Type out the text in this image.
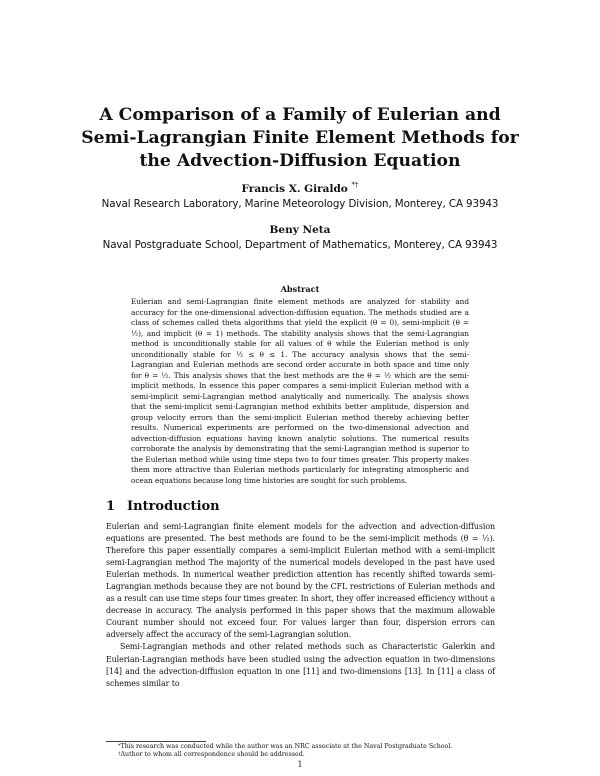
A Comparison of a Family of Eulerian and Semi-Lagrangian Finite Element Methods for the Advection-Diffusion Equation
Francis X. Giraldo *†
Naval Research Laboratory, Marine Meteorology Division, Monterey, CA 93943
Beny Neta
Naval Postgraduate School, Department of Mathematics, Monterey, CA 93943
Abstract
Eulerian and semi-Lagrangian finite element methods are analyzed for stability and accuracy for the one-dimensional advection-diffusion equation. The methods studied are a class of schemes called theta algorithms that yield the explicit (θ = 0), semi-implicit (θ = ½), and implicit (θ = 1) methods. The stability analysis shows that the semi-Lagrangian method is unconditionally stable for all values of θ while the Eulerian method is only unconditionally stable for ½ ≤ θ ≤ 1. The accuracy analysis shows that the semi-Lagrangian and Eulerian methods are second order accurate in both space and time only for θ = ½. This analysis shows that the best methods are the θ = ½ which are the semi-implicit methods. In essence this paper compares a semi-implicit Eulerian method with a semi-implicit semi-Lagrangian method analytically and numerically. The analysis shows that the semi-implicit semi-Lagrangian method exhibits better amplitude, dispersion and group velocity errors than the semi-implicit Eulerian method thereby achieving better results. Numerical experiments are performed on the two-dimensional advection and advection-diffusion equations having known analytic solutions. The numerical results corroborate the analysis by demonstrating that the semi-Lagrangian method is superior to the Eulerian method while using time steps two to four times greater. This property makes them more attractive than Eulerian methods particularly for integrating atmospheric and ocean equations because long time histories are sought for such problems.
1 Introduction

Eulerian and semi-Lagrangian finite element models for the advection and advection-diffusion equations are presented. The best methods are found to be the semi-implicit methods (θ = ½). Therefore this paper essentially compares a semi-implicit Eulerian method with a semi-implicit semi-Lagrangian method The majority of the numerical models developed in the past have used Eulerian methods. In numerical weather prediction attention has recently shifted towards semi-Lagrangian methods because they are not bound by the CFL restrictions of Eulerian methods and as a result can use time steps four times greater. In short, they offer increased efficiency without a decrease in accuracy. The analysis performed in this paper shows that the maximum allowable Courant number should not exceed four. For values larger than four, dispersion errors can adversely affect the accuracy of the semi-Lagrangian solution.

Semi-Lagrangian methods and other related methods such as Characteristic Galerkin and Eulerian-Lagrangian methods have been studied using the advection equation in two-dimensions [14] and the advection-diffusion equation in one [11] and two-dimensions [13]. In [11] a class of schemes similar to

*This research was conducted while the author was an NRC associate at the Naval Postgraduate School.
†Author to whom all correspondence should be addressed.
1
